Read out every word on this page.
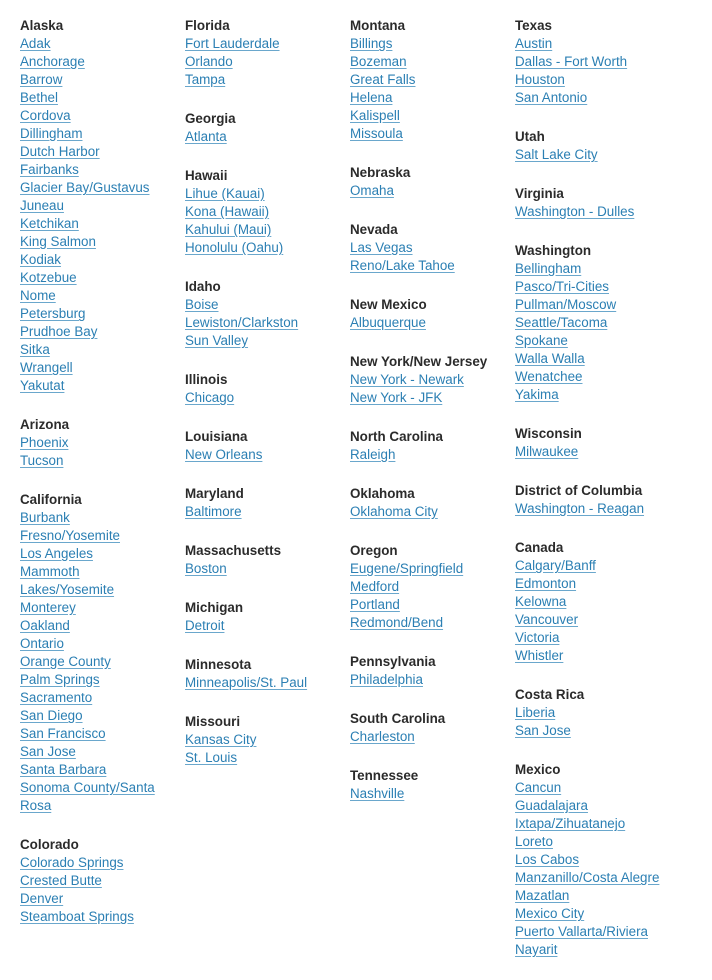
Alaska
Adak
Anchorage
Barrow
Bethel
Cordova
Dillingham
Dutch Harbor
Fairbanks
Glacier Bay/Gustavus
Juneau
Ketchikan
King Salmon
Kodiak
Kotzebue
Nome
Petersburg
Prudhoe Bay
Sitka
Wrangell
Yakutat
Arizona
Phoenix
Tucson
California
Burbank
Fresno/Yosemite
Los Angeles
Mammoth Lakes/Yosemite
Monterey
Oakland
Ontario
Orange County
Palm Springs
Sacramento
San Diego
San Francisco
San Jose
Santa Barbara
Sonoma County/Santa Rosa
Colorado
Colorado Springs
Crested Butte
Denver
Steamboat Springs
Florida
Fort Lauderdale
Orlando
Tampa
Georgia
Atlanta
Hawaii
Lihue (Kauai)
Kona (Hawaii)
Kahului (Maui)
Honolulu (Oahu)
Idaho
Boise
Lewiston/Clarkston
Sun Valley
Illinois
Chicago
Louisiana
New Orleans
Maryland
Baltimore
Massachusetts
Boston
Michigan
Detroit
Minnesota
Minneapolis/St. Paul
Missouri
Kansas City
St. Louis
Montana
Billings
Bozeman
Great Falls
Helena
Kalispell
Missoula
Nebraska
Omaha
Nevada
Las Vegas
Reno/Lake Tahoe
New Mexico
Albuquerque
New York/New Jersey
New York - Newark
New York - JFK
North Carolina
Raleigh
Oklahoma
Oklahoma City
Oregon
Eugene/Springfield
Medford
Portland
Redmond/Bend
Pennsylvania
Philadelphia
South Carolina
Charleston
Tennessee
Nashville
Texas
Austin
Dallas - Fort Worth
Houston
San Antonio
Utah
Salt Lake City
Virginia
Washington - Dulles
Washington
Bellingham
Pasco/Tri-Cities
Pullman/Moscow
Seattle/Tacoma
Spokane
Walla Walla
Wenatchee
Yakima
Wisconsin
Milwaukee
District of Columbia
Washington - Reagan
Canada
Calgary/Banff
Edmonton
Kelowna
Vancouver
Victoria
Whistler
Costa Rica
Liberia
San Jose
Mexico
Cancun
Guadalajara
Ixtapa/Zihuatanejo
Loreto
Los Cabos
Manzanillo/Costa Alegre
Mazatlan
Mexico City
Puerto Vallarta/Riviera Nayarit
